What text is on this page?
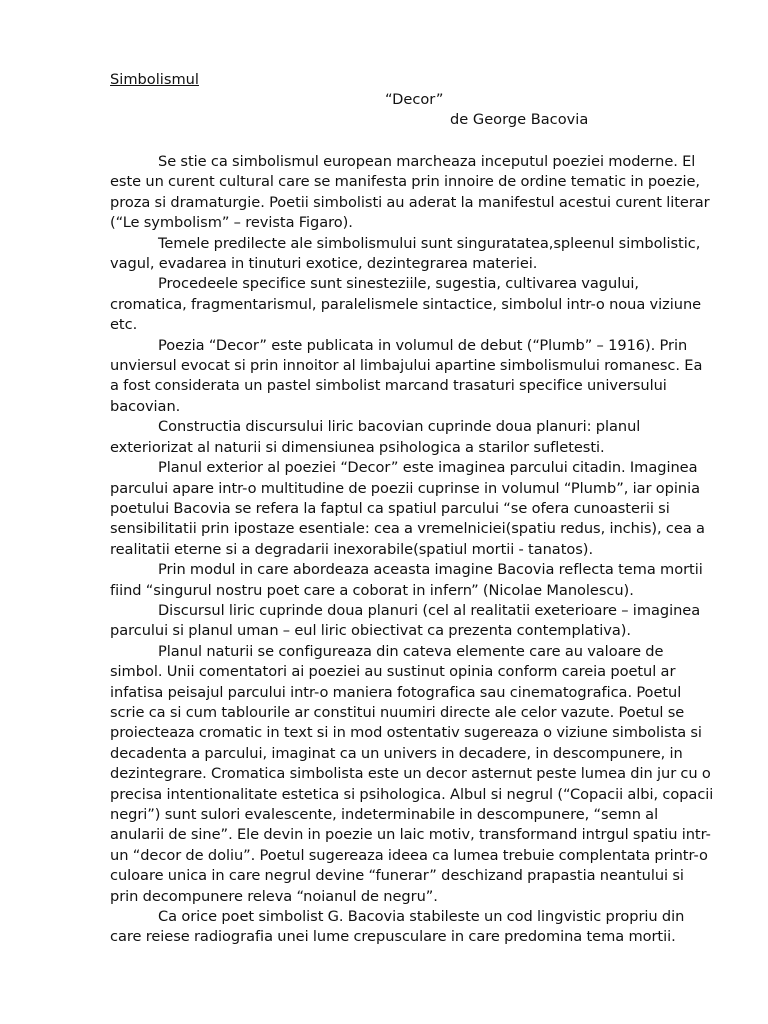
Simbolismul

“Decor”

de George Bacovia

Se stie ca simbolismul european marcheaza inceputul poeziei moderne. El este un curent cultural care se manifesta prin innoire de ordine tematic in poezie, proza si dramaturgie. Poetii simbolisti au aderat la manifestul acestui curent literar (“Le symbolism” – revista Figaro).

Temele predilecte ale simbolismului sunt singuratatea,spleenul simbolistic, vagul, evadarea in tinuturi exotice, dezintegrarea materiei.

Procedeele specifice sunt sinesteziile, sugestia, cultivarea vagului, cromatica, fragmentarismul, paralelismele sintactice, simbolul intr-o noua viziune etc.

Poezia “Decor” este publicata in volumul de debut (“Plumb” – 1916). Prin unviersul evocat si prin innoitor al limbajului apartine simbolismului romanesc. Ea a fost considerata un pastel simbolist marcand trasaturi specifice universului bacovian.

Constructia discursului liric bacovian cuprinde doua planuri: planul exteriorizat al naturii si dimensiunea psihologica a starilor sufletesti.

Planul exterior al poeziei “Decor” este imaginea parcului citadin. Imaginea parcului apare intr-o multitudine de poezii cuprinse in volumul “Plumb”, iar opinia poetului Bacovia se refera la faptul ca spatiul parcului “se ofera cunoasterii si sensibilitatii prin ipostaze esentiale: cea a vremelniciei(spatiu redus, inchis), cea a realitatii eterne si a degradarii inexorabile(spatiul mortii - tanatos).

Prin modul in care abordeaza aceasta imagine Bacovia reflecta tema mortii fiind “singurul nostru poet care a coborat in infern” (Nicolae Manolescu).

Discursul liric cuprinde doua planuri (cel al realitatii exeterioare – imaginea parcului si planul uman – eul liric obiectivat ca prezenta contemplativa).

Planul naturii se configureaza din cateva elemente care au valoare de simbol. Unii comentatori ai poeziei au sustinut opinia conform careia poetul ar infatisa peisajul parcului intr-o maniera fotografica sau cinematografica. Poetul scrie ca si cum tablourile ar constitui nuumiri directe ale celor vazute. Poetul se proiecteaza cromatic in text si in mod ostentativ sugereaza o viziune simbolista si decadenta a parcului, imaginat ca un univers in decadere, in descompunere, in dezintegrare. Cromatica simbolista este un decor asternut peste lumea din jur cu o precisa intentionalitate estetica si psihologica. Albul si negrul (“Copacii albi, copacii negri”) sunt sulori evalescente, indeterminabile in descompunere, “semn al anularii de sine”. Ele devin in poezie un laic motiv, transformand intrgul spatiu intr-un “decor de doliu”. Poetul sugereaza ideea ca lumea trebuie complentata printr-o culoare unica in care negrul devine “funerar” deschizand prapastia neantului si prin decompunere releva “noianul de negru”.

Ca orice poet simbolist G. Bacovia stabileste un cod lingvistic propriu din care reiese radiografia unei lume crepusculare in care predomina tema mortii.
